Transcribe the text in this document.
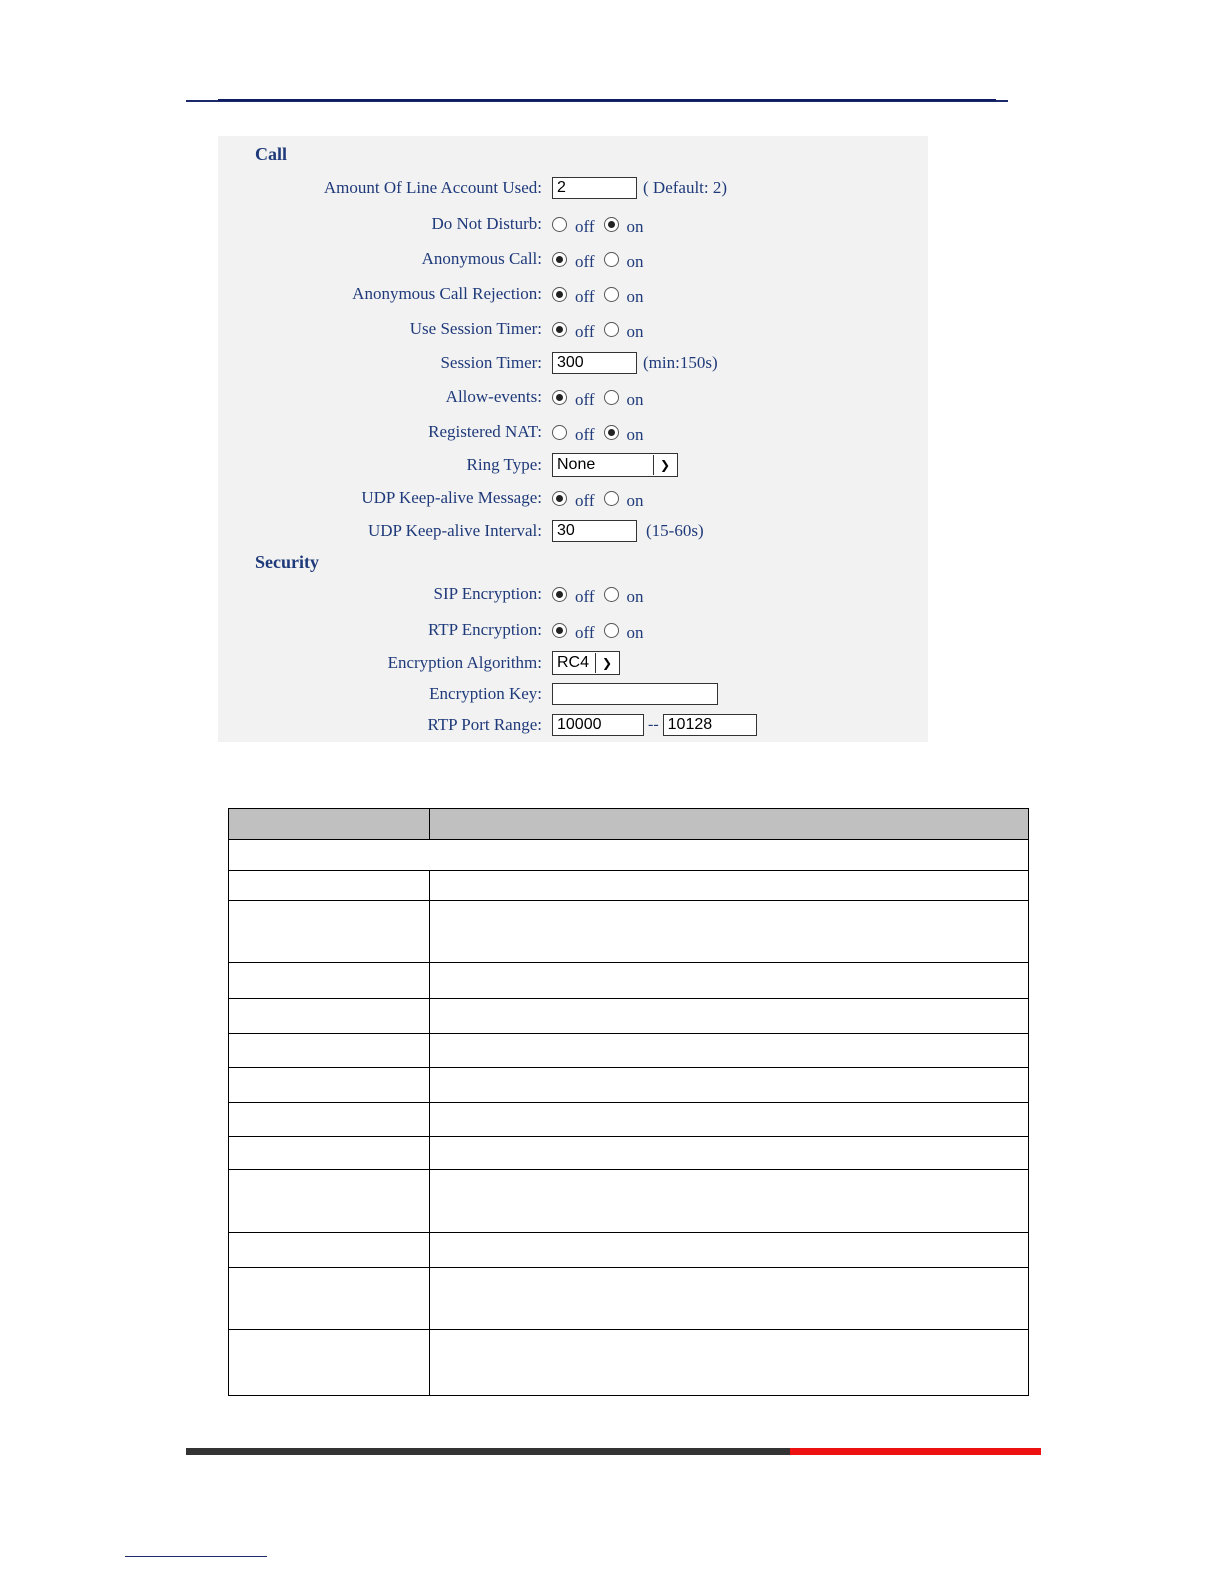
Call
Amount Of Line Account Used: 2	( Default: 2)
Do Not Disturb: off on
Anonymous Call: off on
Anonymous Call Rejection: off on
Use Session Timer: off on
Session Timer: 300	(min:150s)
Allow-events: off on
Registered NAT: off on
Ring Type: None	❯
UDP Keep-alive Message: off on
UDP Keep-alive Interval: 30	(15-60s)
Security
SIP Encryption: off on
RTP Encryption: off on
Encryption Algorithm: RC4	❯
Encryption Key:
RTP Port Range: 10000	-- 10128
